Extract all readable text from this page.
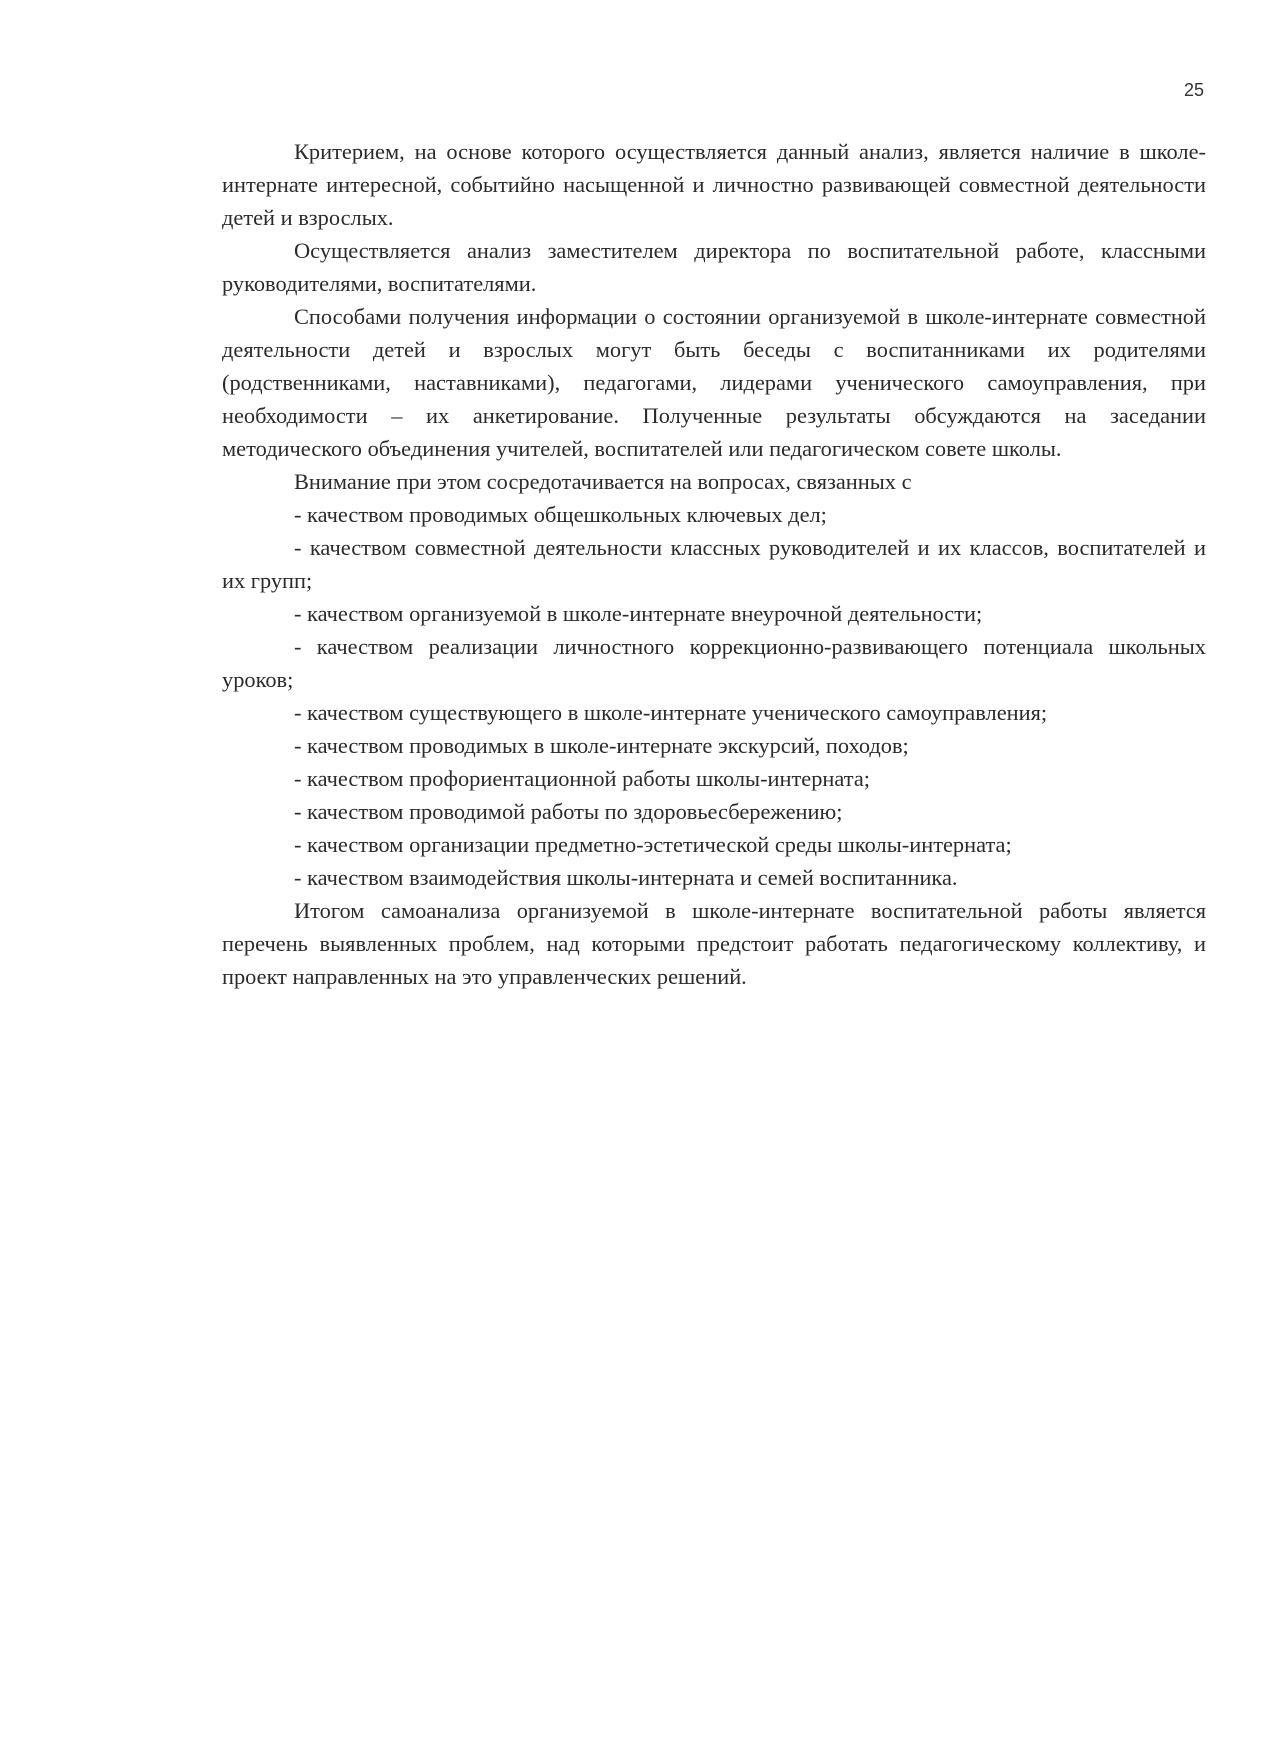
25

Критерием, на основе которого осуществляется данный анализ, является наличие в школе-интернате интересной, событийно насыщенной и личностно развивающей совместной деятельности детей и взрослых.

Осуществляется анализ заместителем директора по воспитательной работе, классными руководителями, воспитателями.

Способами получения информации о состоянии организуемой в школе-интернате совместной деятельности детей и взрослых могут быть беседы с воспитанниками их родителями (родственниками, наставниками), педагогами, лидерами ученического самоуправления, при необходимости – их анкетирование. Полученные результаты обсуждаются на заседании методического объединения учителей, воспитателей или педагогическом совете школы.

Внимание при этом сосредотачивается на вопросах, связанных с

- качеством проводимых общешкольных ключевых дел;

- качеством совместной деятельности классных руководителей и их классов, воспитателей и их групп;

- качеством организуемой в школе-интернате внеурочной деятельности;

- качеством реализации личностного коррекционно-развивающего потенциала школьных уроков;

- качеством существующего в школе-интернате ученического самоуправления;

- качеством проводимых в школе-интернате экскурсий, походов;

- качеством профориентационной работы школы-интерната;

- качеством проводимой работы по здоровьесбережению;

- качеством организации предметно-эстетической среды школы-интерната;

- качеством взаимодействия школы-интерната и семей воспитанника.

Итогом самоанализа организуемой в школе-интернате воспитательной работы является перечень выявленных проблем, над которыми предстоит работать педагогическому коллективу, и проект направленных на это управленческих решений.
